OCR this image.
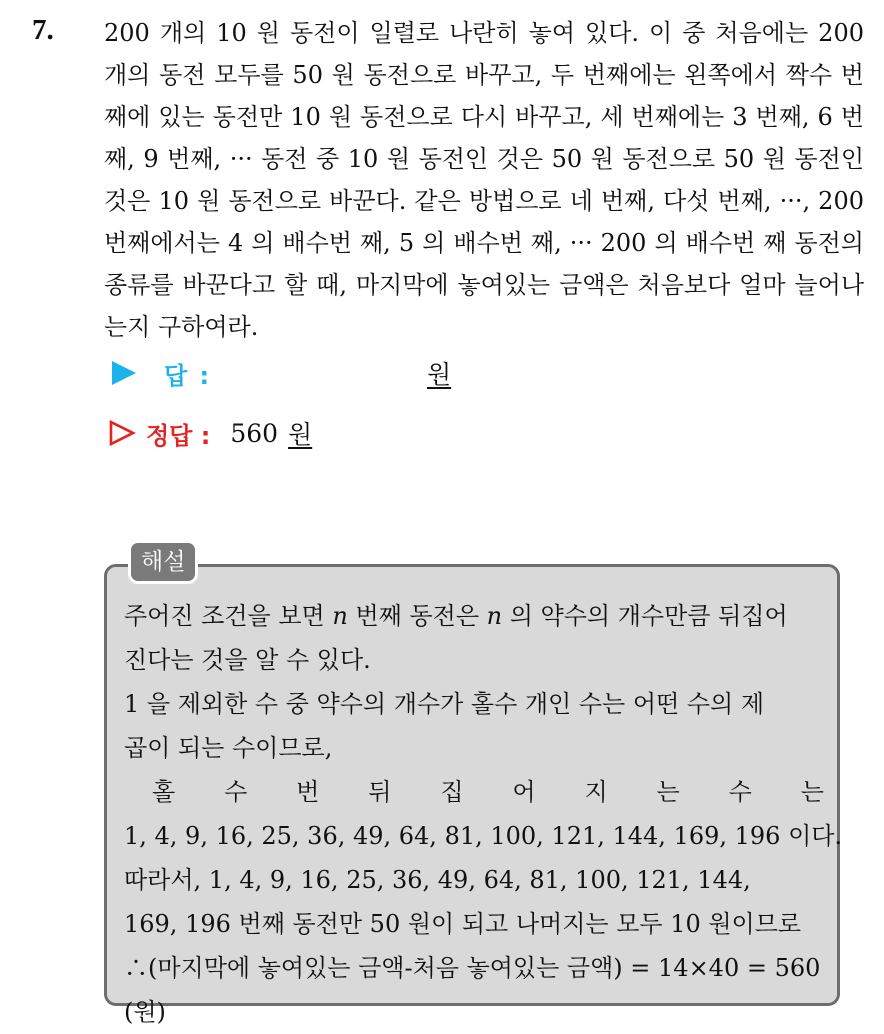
7. 200 개의 10 원 동전이 일렬로 나란히 놓여 있다. 이 중 처음에는 200 개의 동전 모두를 50 원 동전으로 바꾸고, 두 번째에는 왼쪽에서 짝수 번째에 있는 동전만 10 원 동전으로 다시 바꾸고, 세 번째에는 3 번째, 6 번째, 9 번째, ··· 동전 중 10 원 동전인 것은 50 원 동전으로 50 원 동전인 것은 10 원 동전으로 바꾼다. 같은 방법으로 네 번째, 다섯 번째, ···, 200 번째에서는 4 의 배수번 째, 5 의 배수번 째, ··· 200 의 배수번 째 동전의 종류를 바꾼다고 할 때, 마지막에 놓여있는 금액은 처음보다 얼마 늘어나는지 구하여라.
답 :	원
정답 : 560 원
해설
주어진 조건을 보면 n 번째 동전은 n 의 약수의 개수만큼 뒤집어
진다는 것을 알 수 있다.
1 을 제외한 수 중 약수의 개수가 홀수 개인 수는 어떤 수의 제
곱이 되는 수이므로,
홀 수 번 뒤 집 어 지 는 수 는
1, 4, 9, 16, 25, 36, 49, 64, 81, 100, 121, 144, 169, 196 이다.
따라서, 1, 4, 9, 16, 25, 36, 49, 64, 81, 100, 121, 144,
169, 196 번째 동전만 50 원이 되고 나머지는 모두 10 원이므로
∴(마지막에 놓여있는 금액-처음 놓여있는 금액) = 14×40 = 560
(원)
